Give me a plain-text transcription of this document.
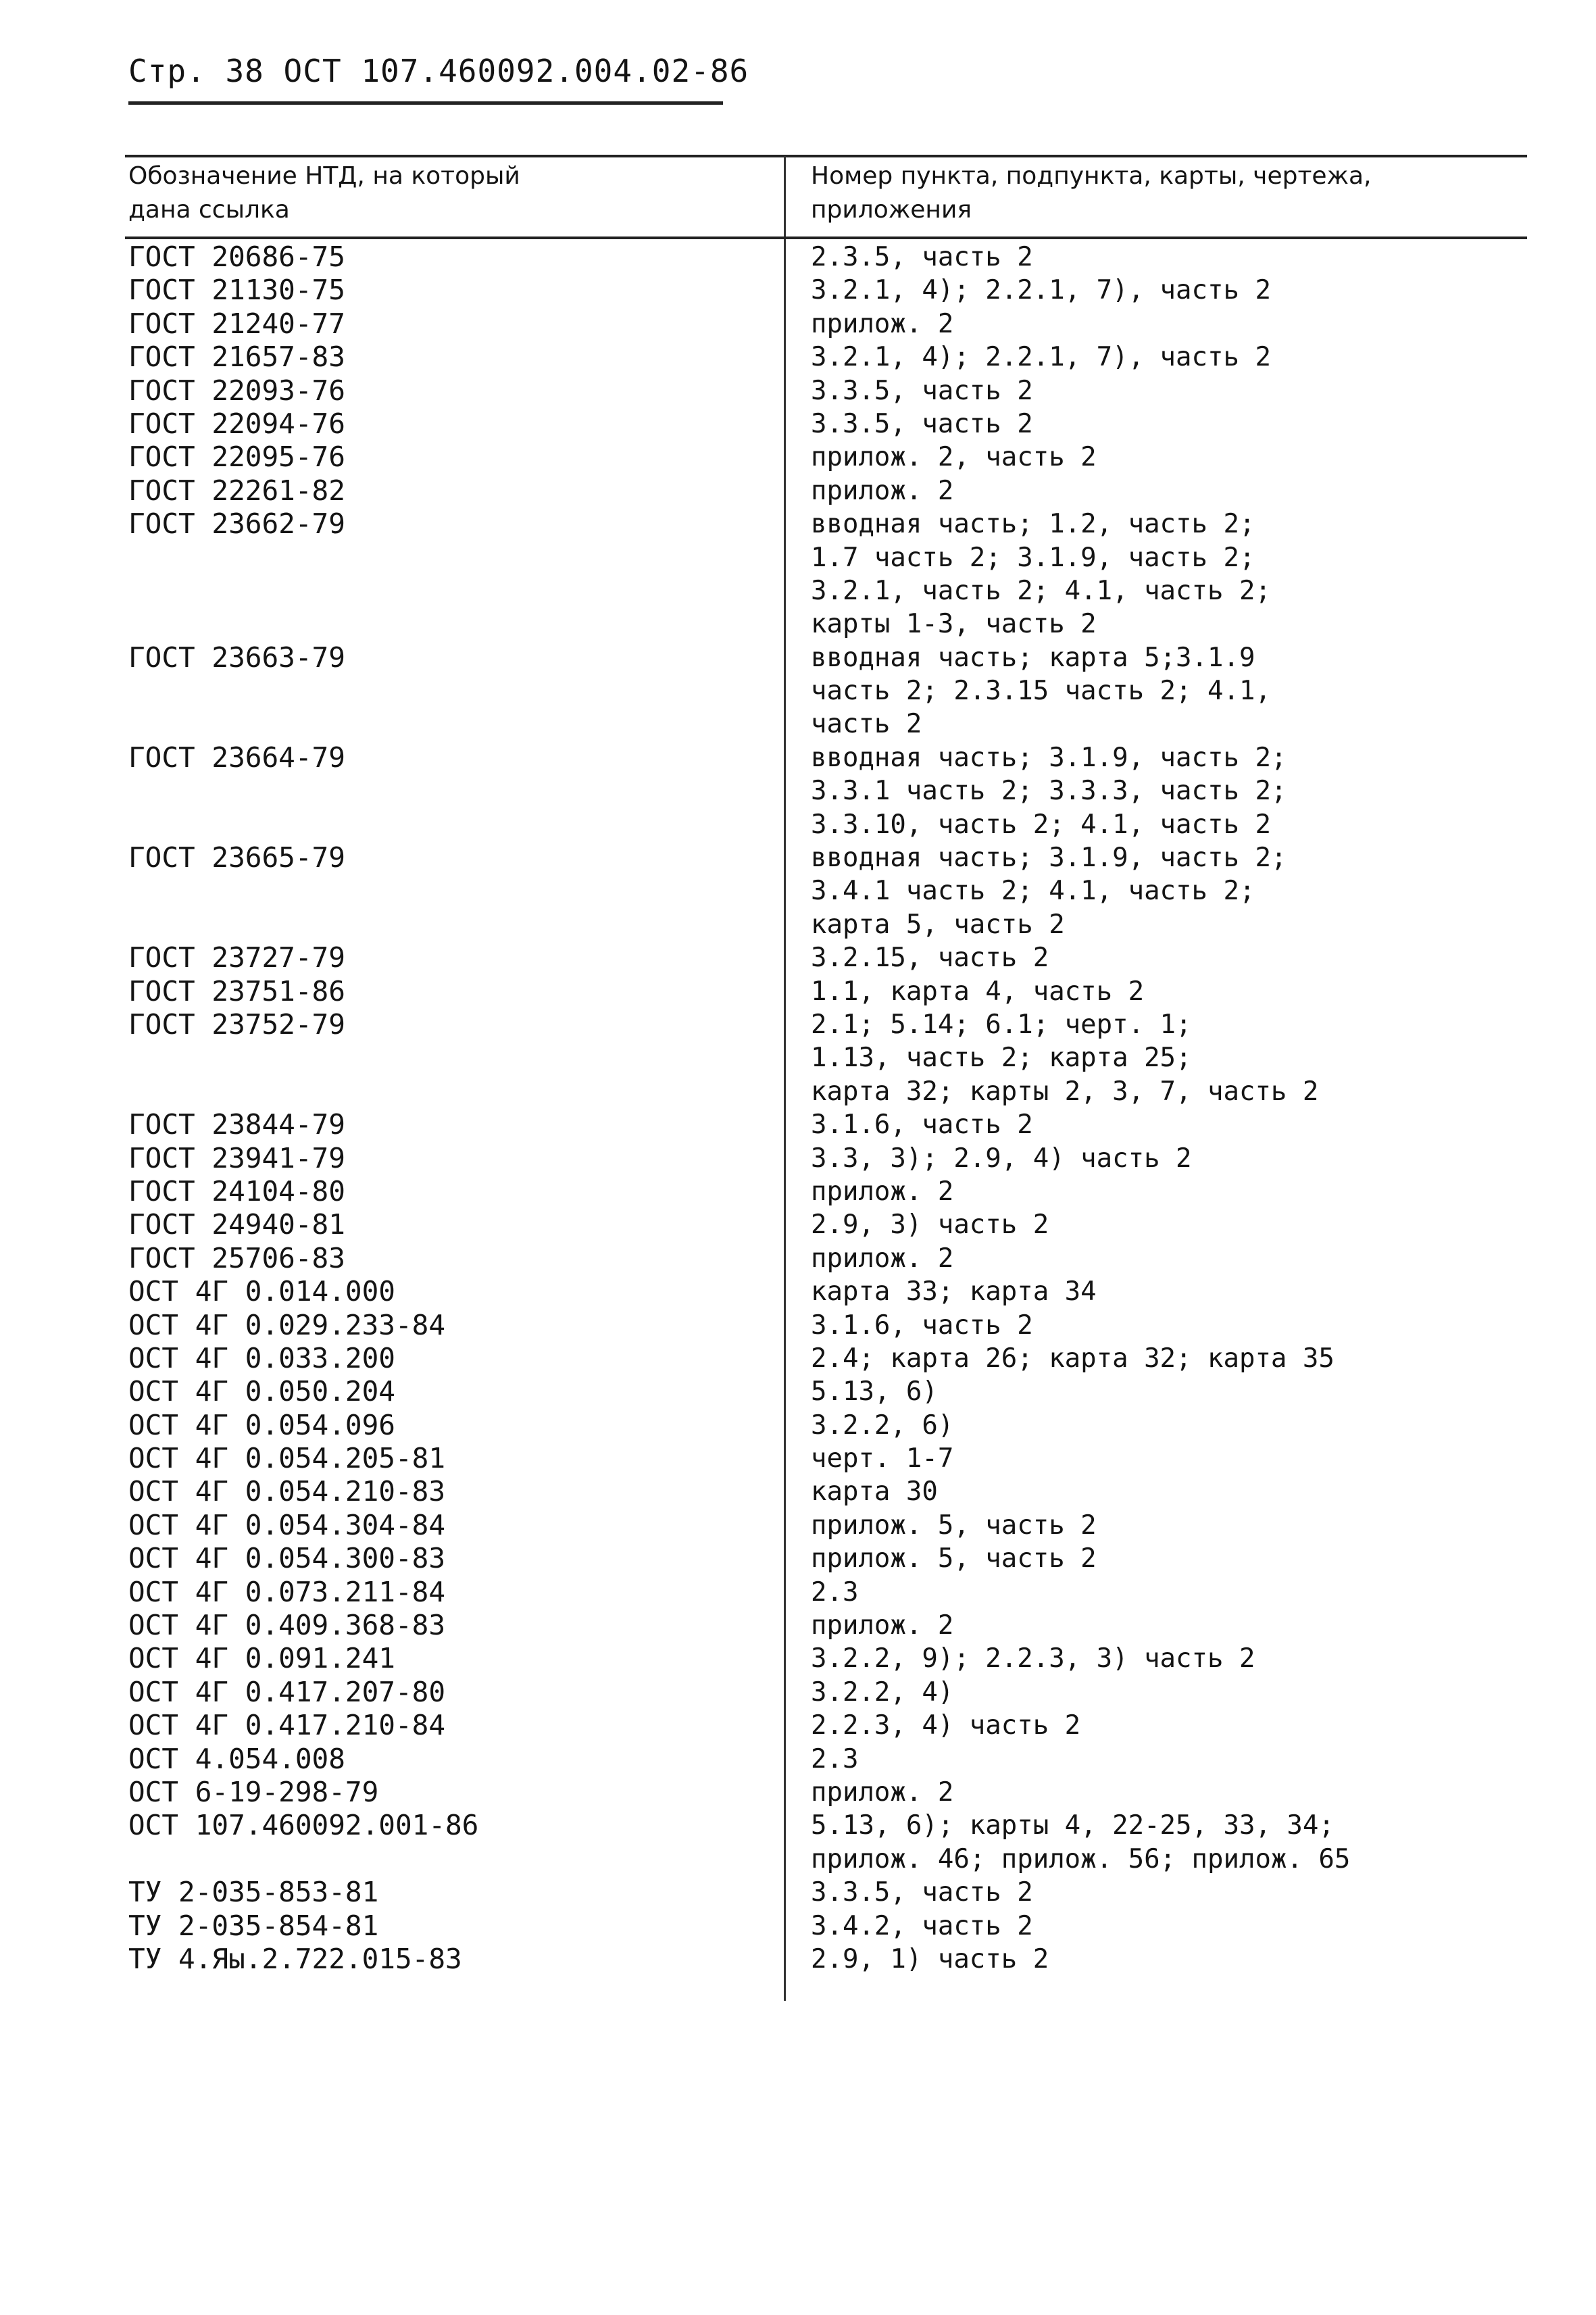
Стр. 38 ОСТ 107.460092.004.02-86
Обозначение НТД, на который
дана ссылка
Номер пункта, подпункта, карты, чертежа,
приложения
ГОСТ 20686-75
ГОСТ 21130-75
ГОСТ 21240-77
ГОСТ 21657-83
ГОСТ 22093-76
ГОСТ 22094-76
ГОСТ 22095-76
ГОСТ 22261-82
ГОСТ 23662-79
ГОСТ 23663-79
ГОСТ 23664-79
ГОСТ 23665-79
ГОСТ 23727-79
ГОСТ 23751-86
ГОСТ 23752-79
ГОСТ 23844-79
ГОСТ 23941-79
ГОСТ 24104-80
ГОСТ 24940-81
ГОСТ 25706-83
ОСТ 4Г 0.014.000
ОСТ 4Г 0.029.233-84
ОСТ 4Г 0.033.200
ОСТ 4Г 0.050.204
ОСТ 4Г 0.054.096
ОСТ 4Г 0.054.205-81
ОСТ 4Г 0.054.210-83
ОСТ 4Г 0.054.304-84
ОСТ 4Г 0.054.300-83
ОСТ 4Г 0.073.211-84
ОСТ 4Г 0.409.368-83
ОСТ 4Г 0.091.241
ОСТ 4Г 0.417.207-80
ОСТ 4Г 0.417.210-84
ОСТ 4.054.008
ОСТ 6-19-298-79
ОСТ 107.460092.001-86
ТУ 2-035-853-81
ТУ 2-035-854-81
ТУ 4.Яы.2.722.015-83
2.3.5, часть 2
3.2.1, 4); 2.2.1, 7), часть 2
прилож. 2
3.2.1, 4); 2.2.1, 7), часть 2
3.3.5, часть 2
3.3.5, часть 2
прилож. 2, часть 2
прилож. 2
вводная часть; 1.2, часть 2;
1.7 часть 2; 3.1.9, часть 2;
3.2.1, часть 2; 4.1, часть 2;
карты 1-3, часть 2
вводная часть; карта 5;3.1.9
часть 2; 2.3.15 часть 2; 4.1,
часть 2
вводная часть; 3.1.9, часть 2;
3.3.1 часть 2; 3.3.3, часть 2;
3.3.10, часть 2; 4.1, часть 2
вводная часть; 3.1.9, часть 2;
3.4.1 часть 2; 4.1, часть 2;
карта 5, часть 2
3.2.15, часть 2
1.1, карта 4, часть 2
2.1; 5.14; 6.1; черт. 1;
1.13, часть 2; карта 25;
карта 32; карты 2, 3, 7, часть 2
3.1.6, часть 2
3.3, 3); 2.9, 4) часть 2
прилож. 2
2.9, 3) часть 2
прилож. 2
карта 33; карта 34
3.1.6, часть 2
2.4; карта 26; карта 32; карта 35
5.13, 6)
3.2.2, 6)
черт. 1-7
карта 30
прилож. 5, часть 2
прилож. 5, часть 2
2.3
прилож. 2
3.2.2, 9); 2.2.3, 3) часть 2
3.2.2, 4)
2.2.3, 4) часть 2
2.3
прилож. 2
5.13, 6); карты 4, 22-25, 33, 34;
прилож. 46; прилож. 56; прилож. 65
3.3.5, часть 2
3.4.2, часть 2
2.9, 1) часть 2
